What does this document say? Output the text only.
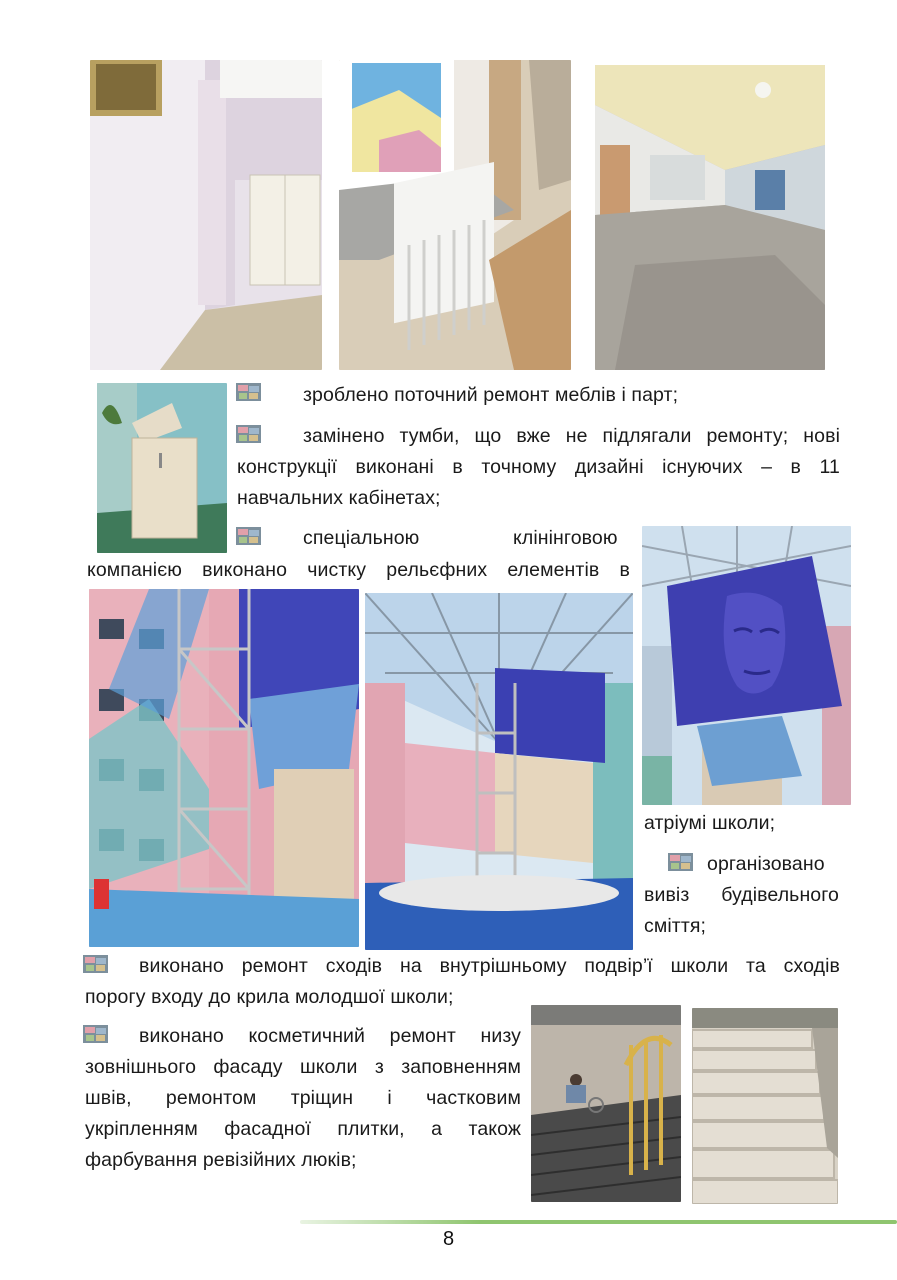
зроблено поточний ремонт меблів і парт;
замінено тумби, що вже не підлягали ремонту; нові
конструкції виконані в точному дизайні існуючих – в 11
навчальних кабінетах;
спеціальною	клінінговою
компанією виконано чистку рельєфних елементів в
атріумі школи;
організовано
вивіз будівельного
сміття;
виконано ремонт сходів на внутрішньому подвір’ї школи та сходів
порогу входу до крила молодшої школи;
виконано косметичний ремонт низу
зовнішнього фасаду школи з заповненням
швів, ремонтом тріщин і частковим
укріпленням фасадної плитки, а також
фарбування ревізійних люків;
8
